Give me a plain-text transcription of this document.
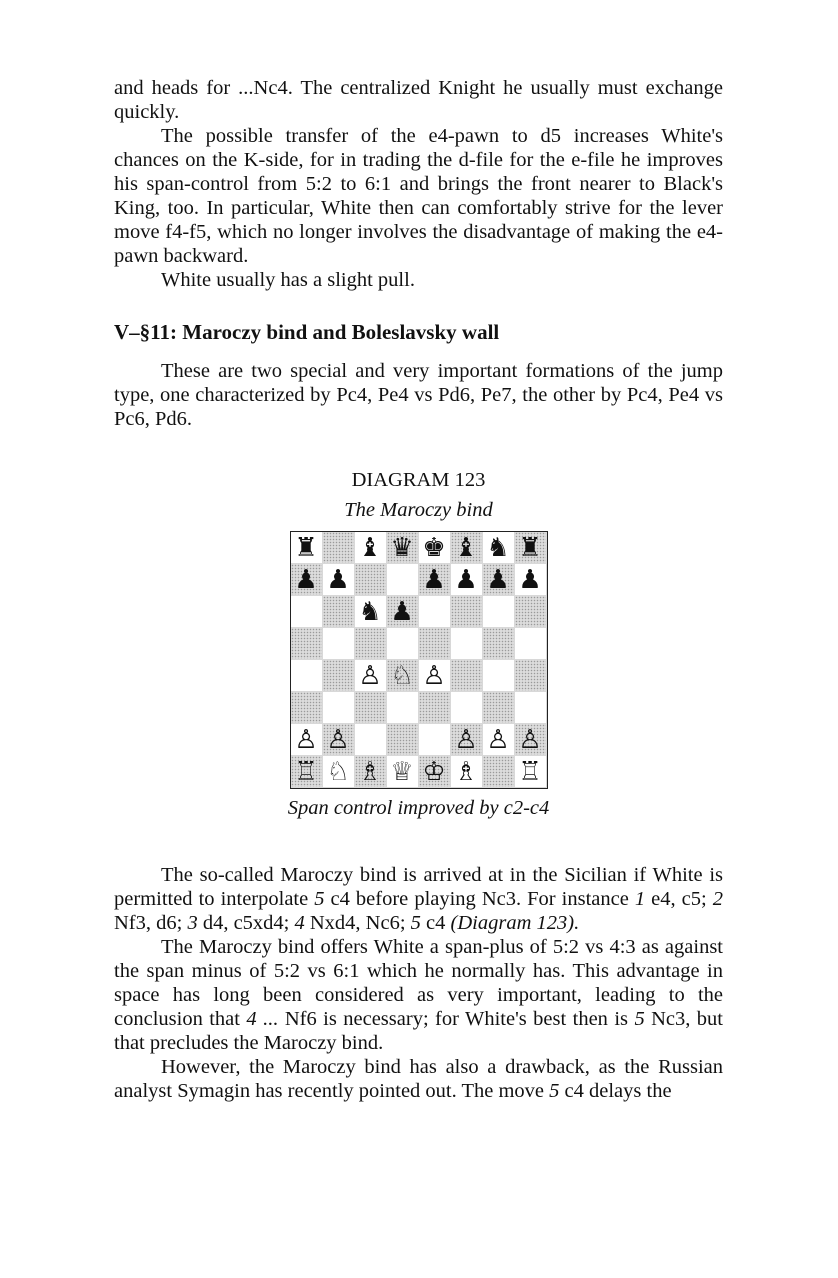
and heads for ...Nc4. The centralized Knight he usually must exchange quickly.

The possible transfer of the e4-pawn to d5 increases White's chances on the K-side, for in trading the d-file for the e-file he improves his span-control from 5:2 to 6:1 and brings the front nearer to Black's King, too. In particular, White then can comfortably strive for the lever move f4-f5, which no longer involves the disadvantage of making the e4-pawn backward.

White usually has a slight pull.

V–§11: Maroczy bind and Boleslavsky wall

These are two special and very important formations of the jump type, one characterized by Pc4, Pe4 vs Pd6, Pe7, the other by Pc4, Pe4 vs Pc6, Pd6.

DIAGRAM 123
The Maroczy bind
♜ ♝ ♛ ♚ ♝ ♞ ♜
♟ ♟	♟ ♟ ♟ ♟
♞ ♟
♙ ♘ ♙
♙ ♙	♙ ♙ ♙
♖ ♘ ♗ ♕ ♔ ♗ ♖
Span control improved by c2-c4

The so-called Maroczy bind is arrived at in the Sicilian if White is permitted to interpolate 5 c4 before playing Nc3. For instance 1 e4, c5; 2 Nf3, d6; 3 d4, c5xd4; 4 Nxd4, Nc6; 5 c4 (Diagram 123).

The Maroczy bind offers White a span-plus of 5:2 vs 4:3 as against the span minus of 5:2 vs 6:1 which he normally has. This advantage in space has long been considered as very important, leading to the conclusion that 4 ... Nf6 is necessary; for White's best then is 5 Nc3, but that precludes the Maroczy bind.

However, the Maroczy bind has also a drawback, as the Russian analyst Symagin has recently pointed out. The move 5 c4 delays the
